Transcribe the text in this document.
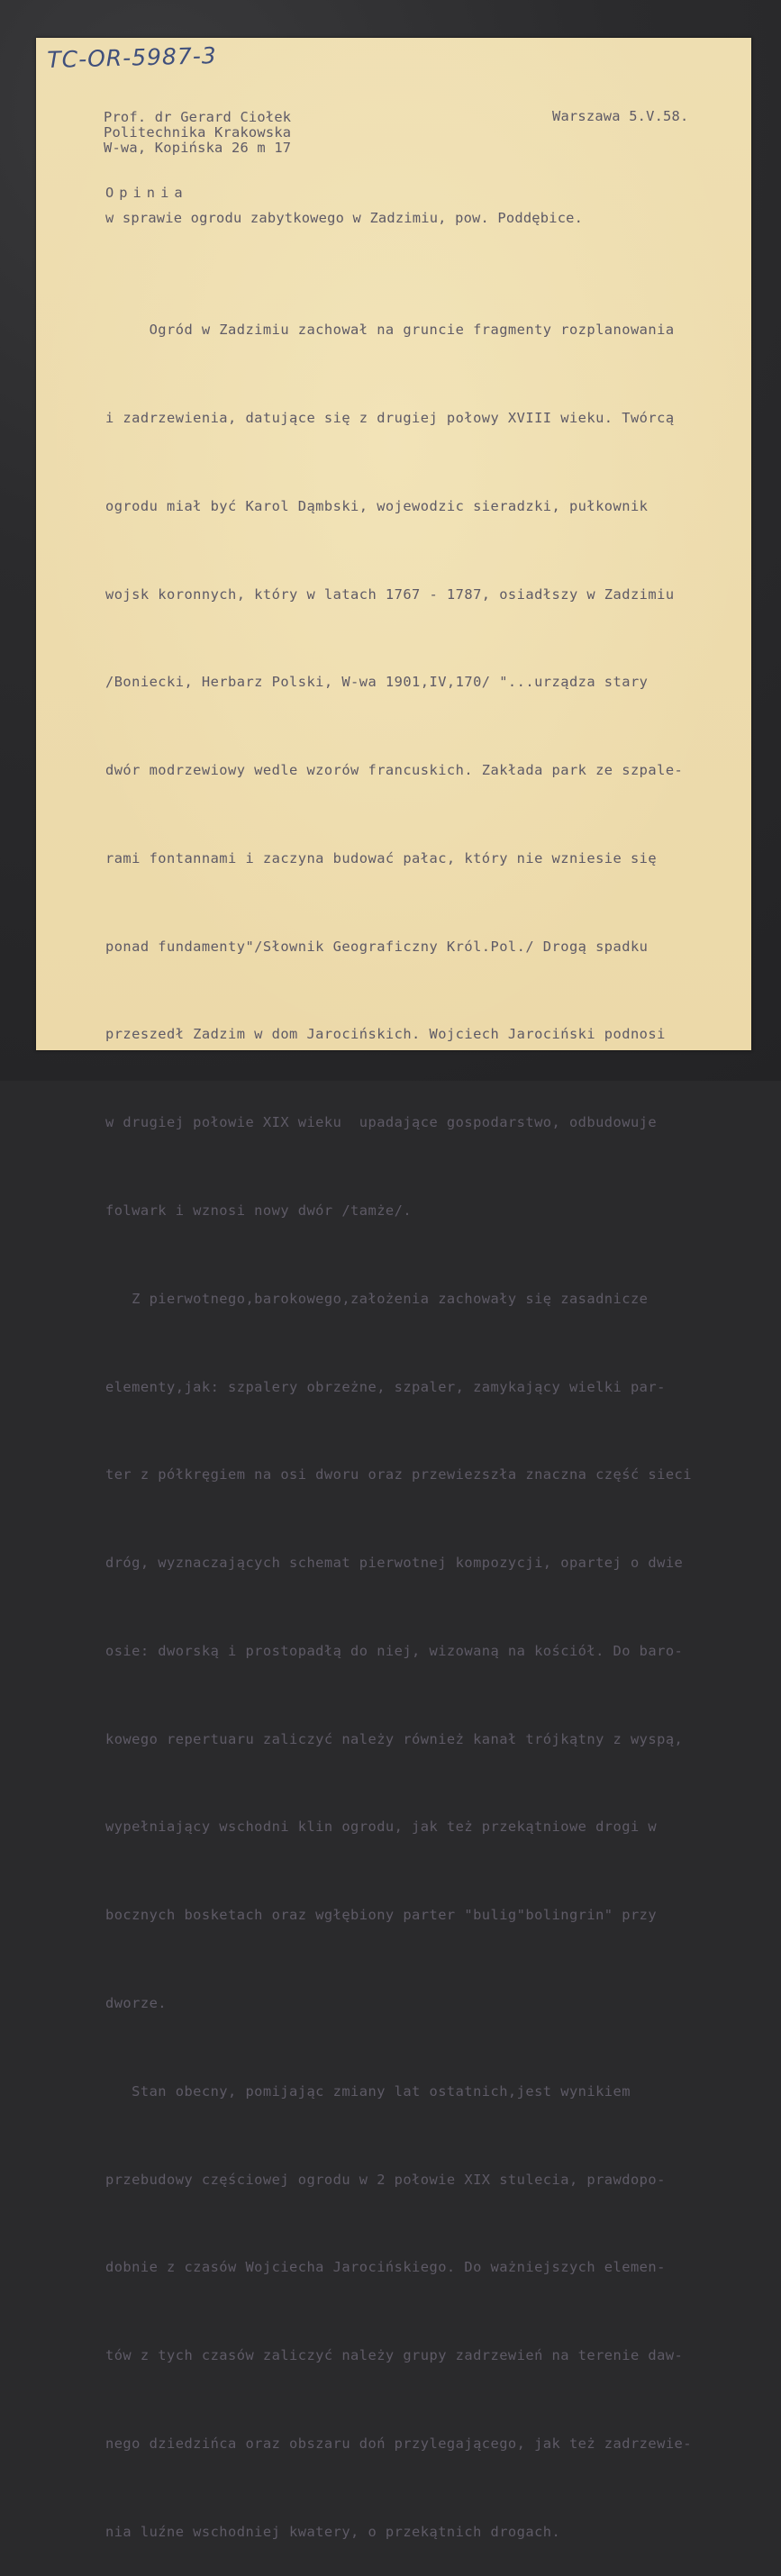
TC-OR-5987-3
Prof. dr Gerard Ciołek
Politechnika Krakowska
W-wa, Kopińska 26 m 17
Warszawa 5.V.58.
Opinia
w sprawie ogrodu zabytkowego w Zadzimiu, pow. Poddębice.

Ogród w Zadzimiu zachował na gruncie fragmenty rozplanowania

i zadrzewienia, datujące się z drugiej połowy XVIII wieku. Twórcą

ogrodu miał być Karol Dąmbski, wojewodzic sieradzki, pułkownik

wojsk koronnych, który w latach 1767 - 1787, osiadłszy w Zadzimiu

/Boniecki, Herbarz Polski, W-wa 1901,IV,170/ "...urządza stary

dwór modrzewiowy wedle wzorów francuskich. Zakłada park ze szpale-

rami fontannami i zaczyna budować pałac, który nie wzniesie się

ponad fundamenty"/Słownik Geograficzny Król.Pol./ Drogą spadku

przeszedł Zadzim w dom Jarocińskich. Wojciech Jarociński podnosi

w drugiej połowie XIX wieku  upadające gospodarstwo, odbudowuje

folwark i wznosi nowy dwór /tamże/.

Z pierwotnego,barokowego,założenia zachowały się zasadnicze

elementy,jak: szpalery obrzeżne, szpaler, zamykający wielki par-

ter z półkręgiem na osi dworu oraz przewiezszła znaczna część sieci

dróg, wyznaczających schemat pierwotnej kompozycji, opartej o dwie

osie: dworską i prostopadłą do niej, wizowaną na kościół. Do baro-

kowego repertuaru zaliczyć należy również kanał trójkątny z wyspą,

wypełniający wschodni klin ogrodu, jak też przekątniowe drogi w

bocznych bosketach oraz wgłębiony parter "bulig"bolingrin" przy

dworze.

Stan obecny, pomijając zmiany lat ostatnich,jest wynikiem

przebudowy częściowej ogrodu w 2 połowie XIX stulecia, prawdopo-

dobnie z czasów Wojciecha Jarocińskiego. Do ważniejszych elemen-

tów z tych czasów zaliczyć należy grupy zadrzewień na terenie daw-

nego dziedzińca oraz obszaru doń przylegającego, jak też zadrzewie-

nia luźne wschodniej kwatery, o przekątnich drogach.
